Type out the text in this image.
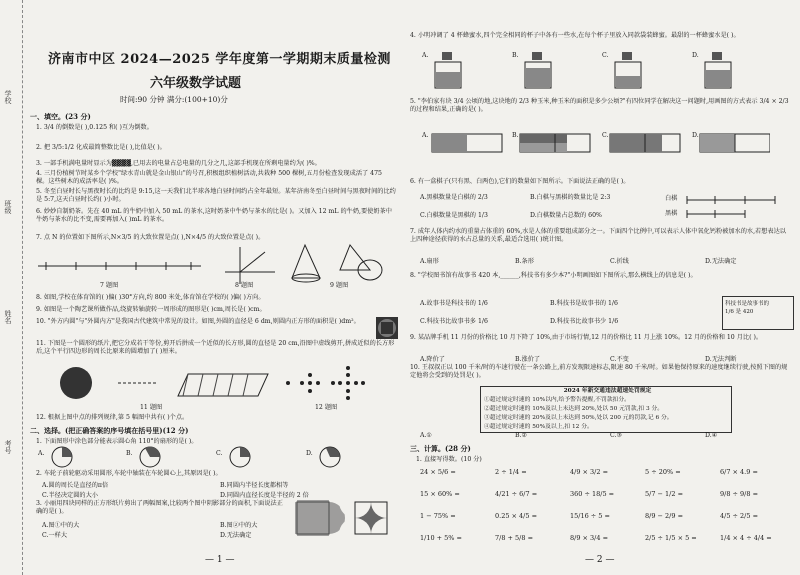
学校
班级
姓名
考号
济南市中区 2024—2025 学年度第一学期期末质量检测
六年级数学试题
时间:90 分钟 满分:(100+10)分
一、填空。(23 分)
1. 3/4 的倒数是( ),0.125 和( )互为倒数。
2. 把 3/5:1/2 化成最简整数比是( ),比值是( )。
3. 一部手机满电量时显示为▓▓▓▓,已用去的电量占总电量的几分之几,这部手机现在所剩电量约为( )%。
4. 三月份植树节时某乡个学校"绿水青山就是金山银山"的号召,积极组织植树活动,共栽种 500 棵树,五月份检查发现成活了 475 棵。这些树木的成活率是( )%。
5. 冬至白昼时长与黑夜时长的比约是 9:15,这一天我们北半球各地白昼时间约占全年最短。某年济南冬至白昼时间与黑夜时间的比约是 5:7,这天白昼时长约( )小时。
6. 妙妙自制奶茶。先在 40 mL 的牛奶中加入 50 mL 的茶水,这时奶茶中牛奶与茶水的比是( )。又加入 12 mL 的牛奶,要使奶茶中牛奶与茶水的比不变,需要再加入( )mL 的茶水。
7. 点 N 的位置如下图所示,N×3/5 的大致位置是点( ),N×4/5 的大致位置是点( )。
7 题图	8 题图	9 题图
8. 如图,学校在体育馆的( )偏( )30°方向,约 800 米处,体育馆在学校的( )偏( )方向。
9. 如图是一个陶艺课所做作品,绕旋转轴旋转一周形成的图形是( )cm,周长是( )cm。
10. "外方内圆"与"外圆内方"是我国古代建筑中常见的设计。如图,外圆的直径是 6 dm,则圆内正方形的面积是( )dm²。
11. 下图是一个圆形的纸片,把它分成若干等份,剪开后拼成一个近似的长方形,圆的直径是 20 cm,沿图中虚线剪开,拼成近似的长方形后,这个平行四边形的周长比原来的圆增加了( )厘米。
11 题图	12 题图
12. 根据上图中点的排列规律,第 5 幅图中共有( )个点。
二、选择。(把正确答案的序号填在括号里)(12 分)
1. 下面图形中涂色部分能表示圆心角 110°的扇形的是( )。
A.	B.	C.	D.
2. 车轮子前轮驱动采用圆形,车轮中轴装在车轮圆心上,其原因是( )。
A.圆的周长是直径的π倍	B.同圆内半径长度都相等
C.半径决定圆的大小	D.同圆内直径长度是半径的 2 倍
3. 小丽用四块同样的正方形纸片剪出了两幅图案,比较两个图中阴影部分的面积,下面说法正确的是( )。
A.图①中的大	B.图②中的大
C.一样大	D.无法确定
— 1 —
4. 小明冲调了 4 杯蜂蜜水,四个完全相同的杯子中各有一些水,在每个杯子里放入同款袋装蜂蜜。最甜的一杯蜂蜜水是( )。
A.	B.	C.	D.
5. "李伯家有块 3/4 公顷的地,这块地的 2/3 种玉米,种玉米的面积是多少公顷?"有四位同学在解决这一问题时,用画图的方式表示 3/4 × 2/3 的过程和结果,正确的是( )。
A.	B.	C.	D.
6. 有一盒棋子(只有黑、白两色),它们的数量如下图所示。下面说法正确的是( )。
A.黑棋数量是白棋的 2/3	B.白棋与黑棋的数量比是 2:3
C.白棋数量是黑棋的 1/3	D.白棋数量占总数的 60%
白棋
黑棋
7. 成年人体内约水的重量占体重的 60%,水是人体的重要组成部分之一。下面四个比例中,可以表示人体中氧化钙粉被加水的水,若想表达以上四种途径获得的水占总量的关系,最适合选用( )统计图。
A.扇形	B.条形	C.折线	D.无法确定
8. "学校图书馆有故事书 420 本,______,科技书有多少本?"小明画图如下图所示,那么横线上的信息是( )。
科技书是故事书的
1/6 是 420
A.故事书是科技书的 1/6	B.科技书是故事书的 1/6
C.科技书比故事书多 1/6	D.科技书比故事书少 1/6
9. 某品牌手机 11 月份的价格比 10 月下降了 10%,由于市场行情,12 月的价格比 11 月上涨 10%。12 月的价格和 10 月比( )。
A.降价了	B.涨价了	C.不变	D.无法判断
10. 王叔叔正以 100 千米/时的车速行驶在一条公路上,前方发现限速标志,限速 80 千米/时。如果他保持原来的速度继续行驶,按照下图的规定他将会受到的处罚是( )。
2024 年新交通违法超速处罚规定
①超过规定时速的 10%以内,给予警告提醒,不罚款扣分。
②超过规定时速的 10%及以上未达到 20%,处以 50 元罚款,扣 3 分。
③超过规定时速的 20%及以上未达到 50%,处以 200 元的罚款,记 6 分。
④超过规定时速的 50%及以上,扣 12 分。
A.①	B.②	C.③	D.④
三、计算。(28 分)
1. 直接写得数。(10 分)
24 × 5/6 =	2 ÷ 1/4 =	4/9 × 3/2 =	5 ÷ 20% =	6/7 × 4.9 =
15 × 60% =	4/21 ÷ 6/7 =	360 ÷ 18/5 =	5/7 − 1/2 =	9/8 ÷ 9/8 =
1 − 75% =	0.25 × 4/5 =	15/16 ÷ 5 =	8/9 − 2/9 =	4/5 ÷ 2/5 =
1/10 + 5% =	7/8 + 5/8 =	8/9 × 3/4 =	2/5 ÷ 1/5 × 5 =	1/4 × 4 ÷ 4/4 =
— 2 —
